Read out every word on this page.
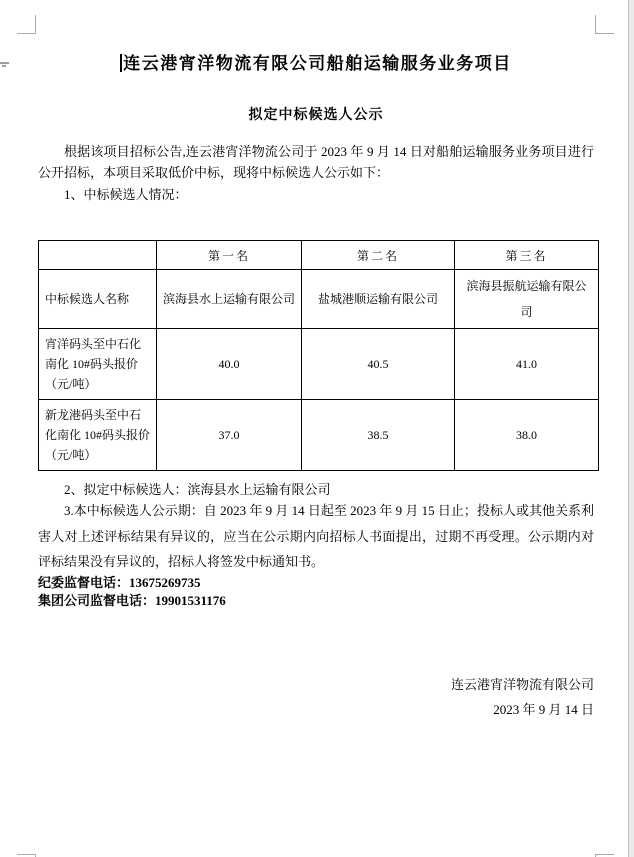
连云港宵洋物流有限公司船舶运输服务业务项目
拟定中标候选人公示

根据该项目招标公告,连云港宵洋物流公司于 2023 年 9 月 14 日对船舶运输服务业务项目进行公开招标，本项目采取低价中标，现将中标候选人公示如下：

1、中标候选人情况：

	第一名	第二名	第三名
中标候选人名称	滨海县水上运输有限公司	盐城港顺运输有限公司	滨海县振航运输有限公司
宵洋码头至中石化南化 10#码头报价（元/吨）	40.0	40.5	41.0
新龙港码头至中石化南化 10#码头报价（元/吨）	37.0	38.5	38.0

2、拟定中标候选人：滨海县水上运输有限公司

3.本中标候选人公示期：自 2023 年 9 月 14 日起至 2023 年 9 月 15 日止；投标人或其他关系利害人对上述评标结果有异议的，应当在公示期内向招标人书面提出，过期不再受理。公示期内对评标结果没有异议的，招标人将签发中标通知书。

纪委监督电话：13675269735
集团公司监督电话：19901531176
连云港宵洋物流有限公司
2023 年 9 月 14 日
